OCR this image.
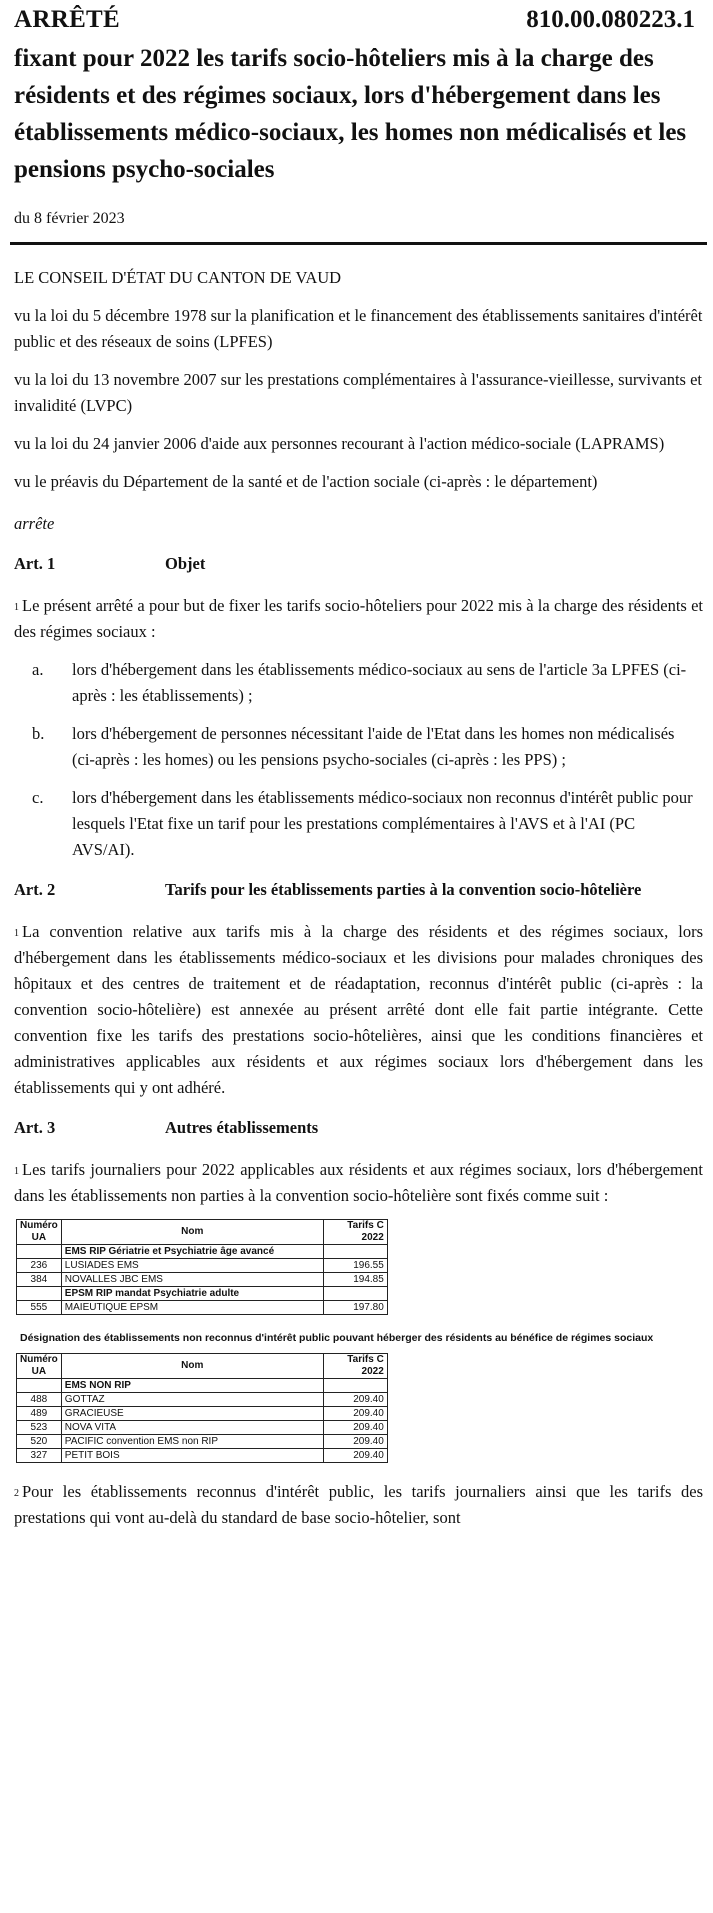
ARRÊTÉ	810.00.080223.1
fixant pour 2022 les tarifs socio-hôteliers mis à la charge des résidents et des régimes sociaux, lors d'hébergement dans les établissements médico-sociaux, les homes non médicalisés et les pensions psycho-sociales
du 8 février 2023

LE CONSEIL D'ÉTAT DU CANTON DE VAUD

vu la loi du 5 décembre 1978 sur la planification et le financement des établissements sanitaires d'intérêt public et des réseaux de soins (LPFES)

vu la loi du 13 novembre 2007 sur les prestations complémentaires à l'assurance-vieillesse, survivants et invalidité (LVPC)

vu la loi du 24 janvier 2006 d'aide aux personnes recourant à l'action médico-sociale (LAPRAMS)

vu le préavis du Département de la santé et de l'action sociale (ci-après : le département)

arrête

Art. 1	Objet

$^1$ Le présent arrêté a pour but de fixer les tarifs socio-hôteliers pour 2022 mis à la charge des résidents et des régimes sociaux :

a.	lors d'hébergement dans les établissements médico-sociaux au sens de l'article 3a LPFES (ci-après : les établissements) ;
b.	lors d'hébergement de personnes nécessitant l'aide de l'Etat dans les homes non médicalisés (ci-après : les homes) ou les pensions psycho-sociales (ci-après : les PPS) ;
c.	lors d'hébergement dans les établissements médico-sociaux non reconnus d'intérêt public pour lesquels l'Etat fixe un tarif pour les prestations complémentaires à l'AVS et à l'AI (PC AVS/AI).
Art. 2	Tarifs pour les établissements parties à la convention socio-hôtelière

$^1$ La convention relative aux tarifs mis à la charge des résidents et des régimes sociaux, lors d'hébergement dans les établissements médico-sociaux et les divisions pour malades chroniques des hôpitaux et des centres de traitement et de réadaptation, reconnus d'intérêt public (ci-après : la convention socio-hôtelière) est annexée au présent arrêté dont elle fait partie intégrante. Cette convention fixe les tarifs des prestations socio-hôtelières, ainsi que les conditions financières et administratives applicables aux résidents et aux régimes sociaux lors d'hébergement dans les établissements qui y ont adhéré.

Art. 3	Autres établissements

$^1$ Les tarifs journaliers pour 2022 applicables aux résidents et aux régimes sociaux, lors d'hébergement dans les établissements non parties à la convention socio-hôtelière sont fixés comme suit :

Numéro UA	Nom	Tarifs C 2022
	EMS RIP Gériatrie et Psychiatrie âge avancé	
236	LUSIADES EMS	196.55
384	NOVALLES JBC EMS	194.85
	EPSM RIP mandat Psychiatrie adulte	
555	MAIEUTIQUE EPSM	197.80
Désignation des établissements non reconnus d'intérêt public pouvant héberger des résidents au bénéfice de régimes sociaux
Numéro UA	Nom	Tarifs C 2022
	EMS NON RIP	
488	GOTTAZ	209.40
489	GRACIEUSE	209.40
523	NOVA VITA	209.40
520	PACIFIC convention EMS non RIP	209.40
327	PETIT BOIS	209.40

$^2$ Pour les établissements reconnus d'intérêt public, les tarifs journaliers ainsi que les tarifs des prestations qui vont au-delà du standard de base socio-hôtelier, sont
